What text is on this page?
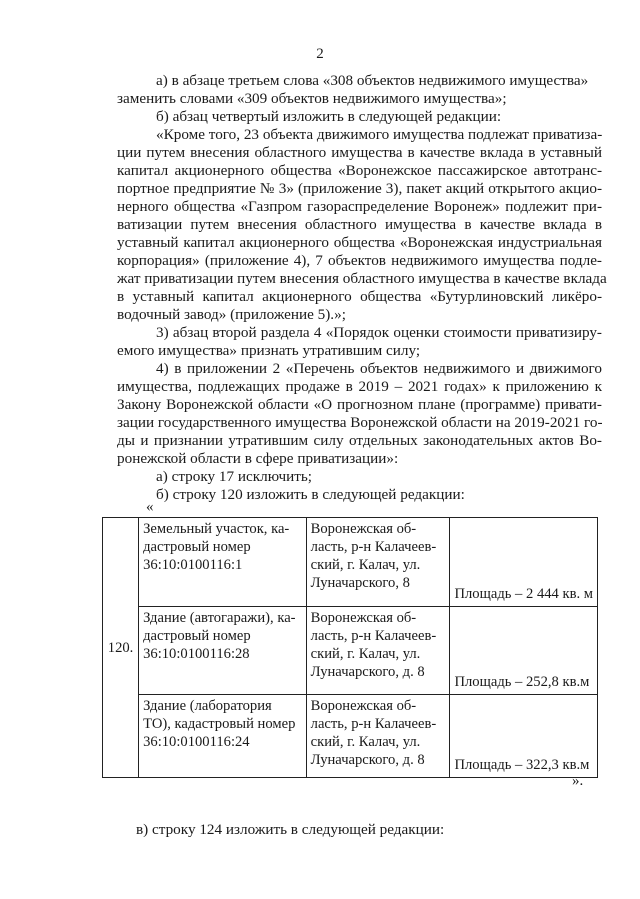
2
а) в абзаце третьем слова «308 объектов недвижимого имущества»
заменить словами «309 объектов недвижимого имущества»;
б) абзац четвертый изложить в следующей редакции:
«Кроме того, 23 объекта движимого имущества подлежат приватиза-
ции путем внесения областного имущества в качестве вклада в уставный
капитал акционерного общества «Воронежское пассажирское автотранс-
портное предприятие № 3» (приложение 3), пакет акций открытого акцио-
нерного общества «Газпром газораспределение Воронеж» подлежит при-
ватизации путем внесения областного имущества в качестве вклада в
уставный капитал акционерного общества «Воронежская индустриальная
корпорация» (приложение 4), 7 объектов недвижимого имущества подле-
жат приватизации путем внесения областного имущества в качестве вклада
в уставный капитал акционерного общества «Бутурлиновский ликёро-
водочный завод» (приложение 5).»;
3) абзац второй раздела 4 «Порядок оценки стоимости приватизиру-
емого имущества» признать утратившим силу;
4) в приложении 2 «Перечень объектов недвижимого и движимого
имущества, подлежащих продаже в 2019 – 2021 годах» к приложению к
Закону Воронежской области «О прогнозном плане (программе) привати-
зации государственного имущества Воронежской области на 2019-2021 го-
ды и признании утратившим силу отдельных законодательных актов Во-
ронежской области в сфере приватизации»:
а) строку 17 исключить;
б) строку 120 изложить в следующей редакции:
«
120.	Земельный участок, ка-
дастровый номер
36:10:0100116:1	Воронежская об-
ласть, р-н Калачеев-
ский, г. Калач, ул.
Луначарского, 8	Площадь – 2 444 кв. м

	Здание (автогаражи), ка-
дастровый номер
36:10:0100116:28	Воронежская об-
ласть, р-н Калачеев-
ский, г. Калач, ул.
Луначарского, д. 8	Площадь – 252,8 кв.м

	Здание (лаборатория
ТО), кадастровый номер
36:10:0100116:24	Воронежская об-
ласть, р-н Калачеев-
ский, г. Калач, ул.
Луначарского, д. 8	Площадь – 322,3 кв.м
».
в) строку 124 изложить в следующей редакции:
